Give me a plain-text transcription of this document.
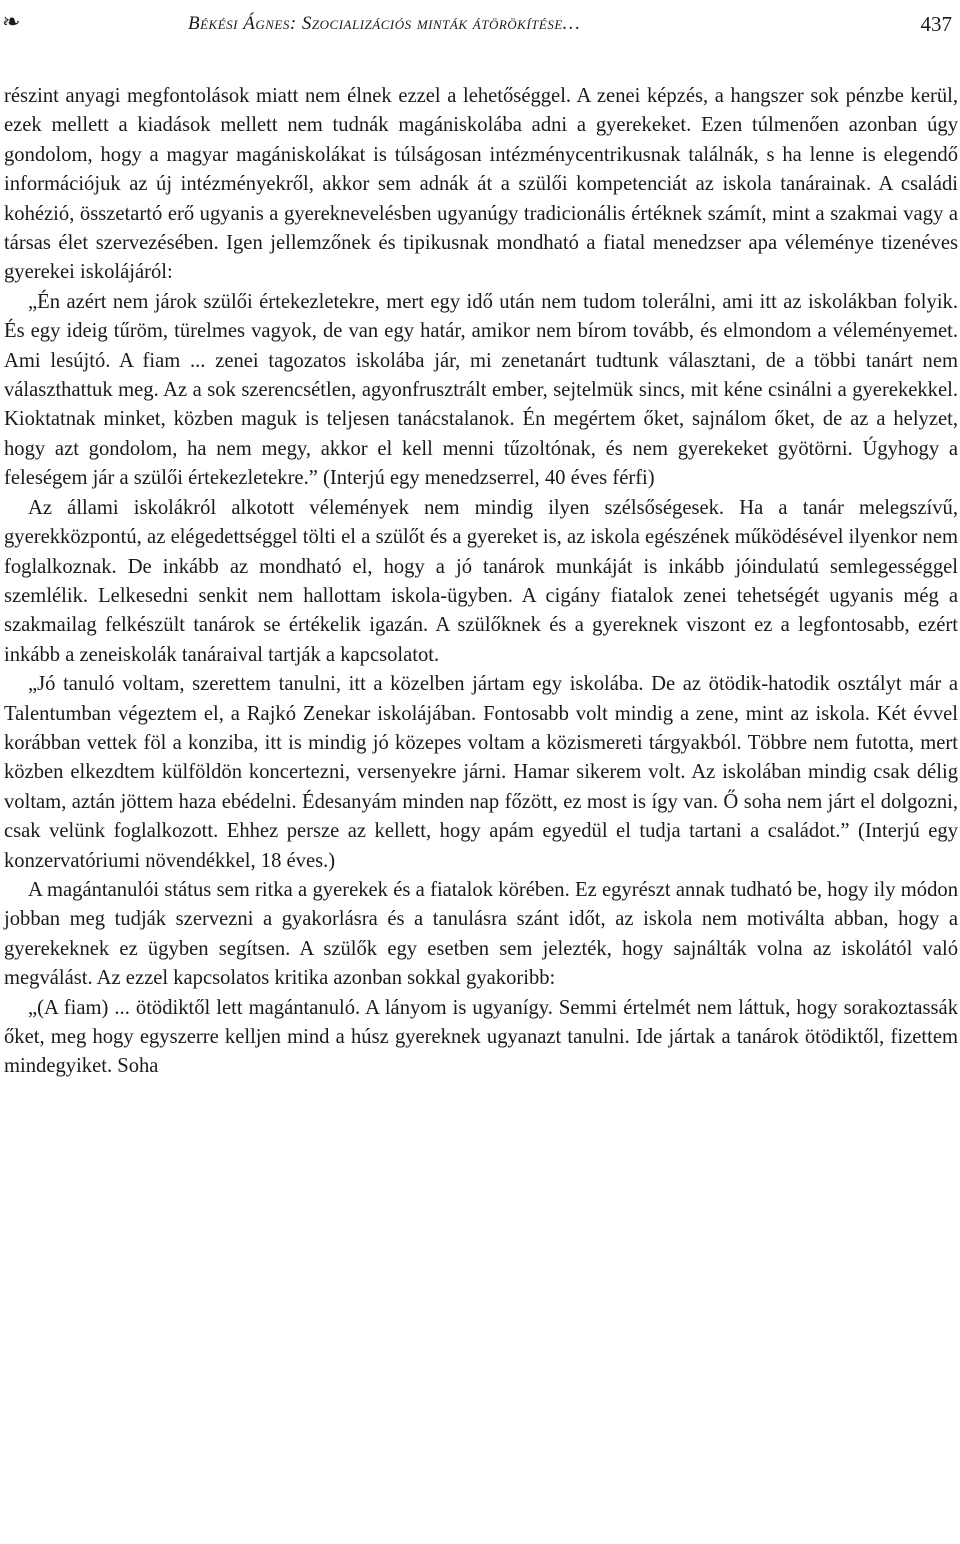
❧	Békési Ágnes: Szocializációs minták átörökítése…	437

részint anyagi megfontolások miatt nem élnek ezzel a lehetőséggel. A zenei képzés, a hangszer sok pénzbe kerül, ezek mellett a kiadások mellett nem tudnák magániskolába adni a gyerekeket. Ezen túlmenően azonban úgy gondolom, hogy a magyar magániskolákat is túlságosan intézménycentrikusnak találnák, s ha lenne is elegendő információjuk az új intézményekről, akkor sem adnák át a szülői kompetenciát az iskola tanárainak. A családi kohézió, összetartó erő ugyanis a gyereknevelésben ugyanúgy tradicionális értéknek számít, mint a szakmai vagy a társas élet szervezésében. Igen jellemzőnek és tipikusnak mondható a fiatal menedzser apa véleménye tizenéves gyerekei iskolájáról:

„Én azért nem járok szülői értekezletekre, mert egy idő után nem tudom tolerálni, ami itt az iskolákban folyik. És egy ideig tűröm, türelmes vagyok, de van egy határ, amikor nem bírom tovább, és elmondom a véleményemet. Ami lesújtó. A fiam ... zenei tagozatos iskolába jár, mi zenetanárt tudtunk választani, de a többi tanárt nem választhattuk meg. Az a sok szerencsétlen, agyonfrusztrált ember, sejtelmük sincs, mit kéne csinálni a gyerekekkel. Kioktatnak minket, közben maguk is teljesen tanácstalanok. Én megértem őket, sajnálom őket, de az a helyzet, hogy azt gondolom, ha nem megy, akkor el kell menni tűzoltónak, és nem gyerekeket gyötörni. Úgyhogy a feleségem jár a szülői értekezletekre.” (Interjú egy menedzserrel, 40 éves férfi)

Az állami iskolákról alkotott vélemények nem mindig ilyen szélsőségesek. Ha a tanár melegszívű, gyerekközpontú, az elégedettséggel tölti el a szülőt és a gyereket is, az iskola egészének működésével ilyenkor nem foglalkoznak. De inkább az mondható el, hogy a jó tanárok munkáját is inkább jóindulatú semlegességgel szemlélik. Lelkesedni senkit nem hallottam iskola-ügyben. A cigány fiatalok zenei tehetségét ugyanis még a szakmailag felkészült tanárok se értékelik igazán. A szülőknek és a gyereknek viszont ez a legfontosabb, ezért inkább a zeneiskolák tanáraival tartják a kapcsolatot.

„Jó tanuló voltam, szerettem tanulni, itt a közelben jártam egy iskolába. De az ötödik-hatodik osztályt már a Talentumban végeztem el, a Rajkó Zenekar iskolájában. Fontosabb volt mindig a zene, mint az iskola. Két évvel korábban vettek föl a konziba, itt is mindig jó közepes voltam a közismereti tárgyakból. Többre nem futotta, mert közben elkezdtem külföldön koncertezni, versenyekre járni. Hamar sikerem volt. Az iskolában mindig csak délig voltam, aztán jöttem haza ebédelni. Édesanyám minden nap főzött, ez most is így van. Ő soha nem járt el dolgozni, csak velünk foglalkozott. Ehhez persze az kellett, hogy apám egyedül el tudja tartani a családot.” (Interjú egy konzervatóriumi növendékkel, 18 éves.)

A magántanulói státus sem ritka a gyerekek és a fiatalok körében. Ez egyrészt annak tudható be, hogy ily módon jobban meg tudják szervezni a gyakorlásra és a tanulásra szánt időt, az iskola nem motiválta abban, hogy a gyerekeknek ez ügyben segítsen. A szülők egy esetben sem jelezték, hogy sajnálták volna az iskolától való megválást. Az ezzel kapcsolatos kritika azonban sokkal gyakoribb:

„(A fiam) ... ötödiktől lett magántanuló. A lányom is ugyanígy. Semmi értelmét nem láttuk, hogy sorakoztassák őket, meg hogy egyszerre kelljen mind a húsz gyereknek ugyanazt tanulni. Ide jártak a tanárok ötödiktől, fizettem mindegyiket. Soha
